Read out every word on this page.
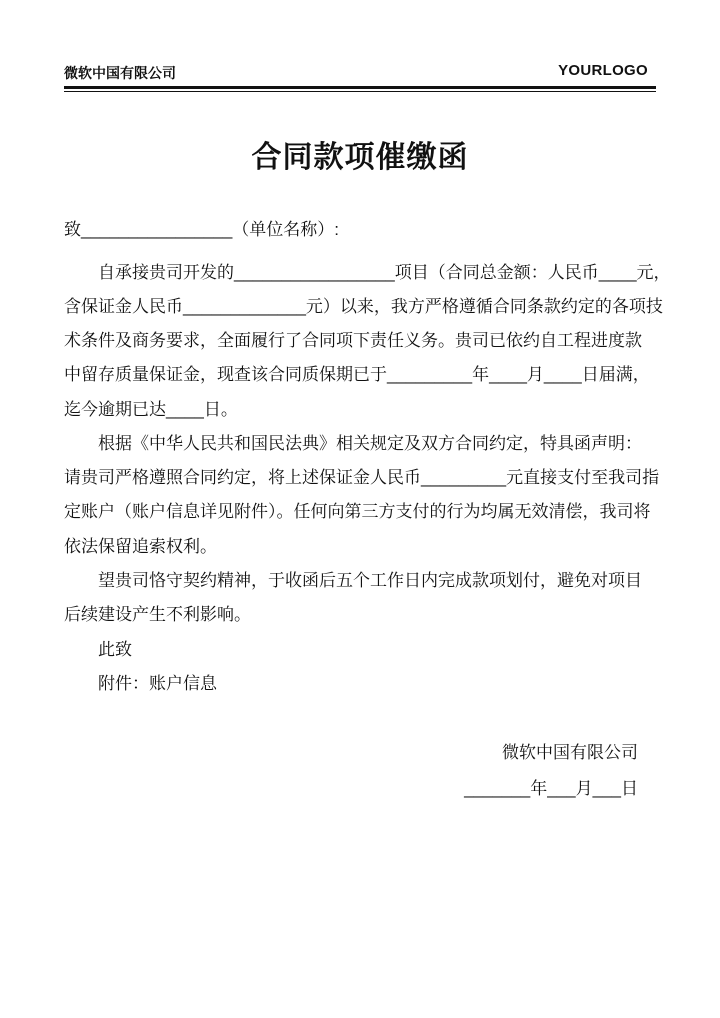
微软中国有限公司	YOURLOGO
合同款项催缴函
致________________（单位名称）:
自承接贵司开发的_________________项目（合同总金额：人民币____元，
含保证金人民币_____________元）以来，我方严格遵循合同条款约定的各项技
术条件及商务要求，全面履行了合同项下责任义务。贵司已依约自工程进度款
中留存质量保证金，现查该合同质保期已于_________年____月____日届满，
迄今逾期已达____日。
根据《中华人民共和国民法典》相关规定及双方合同约定，特具函声明：
请贵司严格遵照合同约定，将上述保证金人民币_________元直接支付至我司指
定账户（账户信息详见附件）。任何向第三方支付的行为均属无效清偿，我司将
依法保留追索权利。
望贵司恪守契约精神，于收函后五个工作日内完成款项划付，避免对项目
后续建设产生不利影响。
此致
附件：账户信息
微软中国有限公司
_______年___月___日
